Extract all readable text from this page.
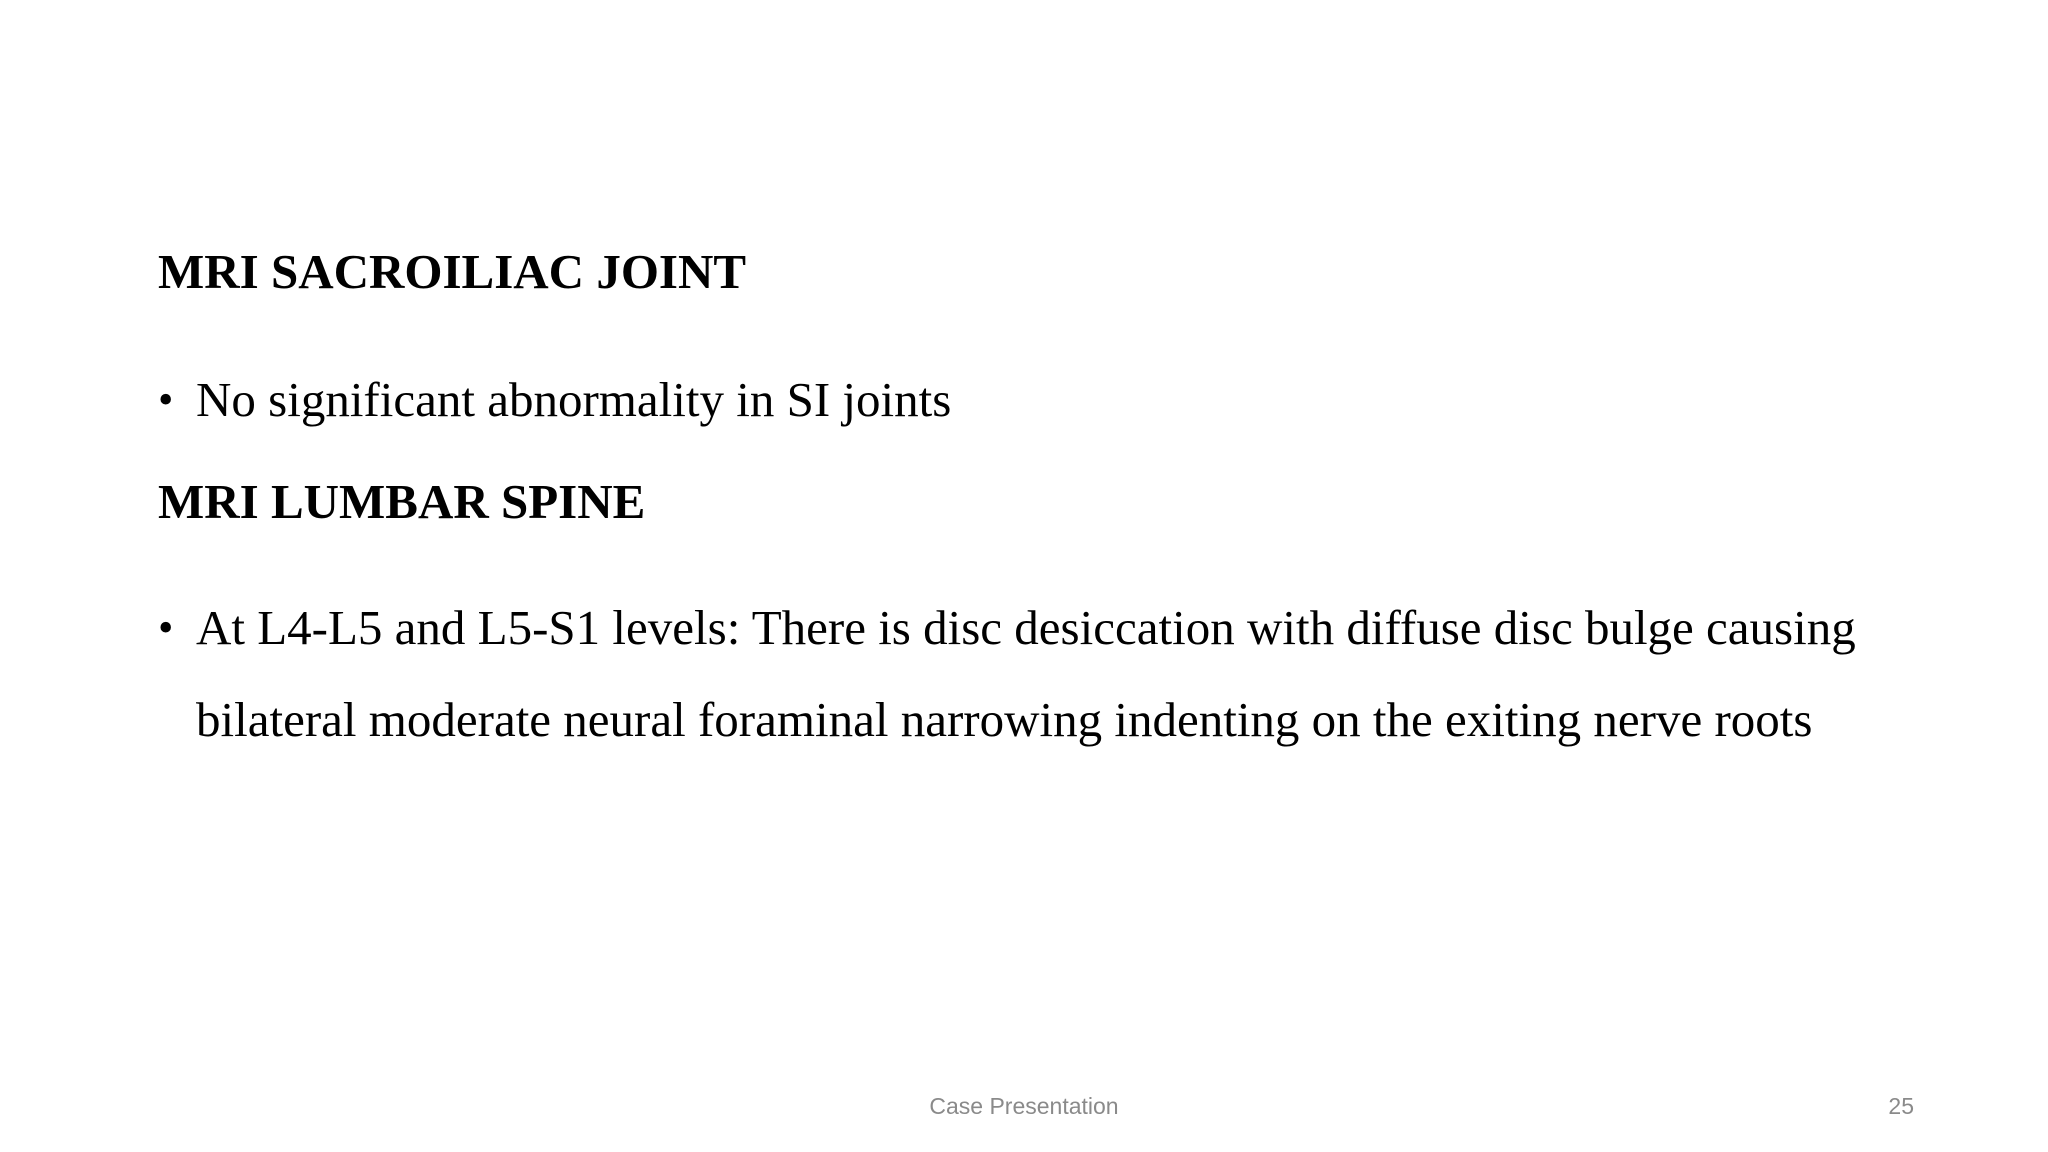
MRI SACROILIAC JOINT
• No significant abnormality in SI joints
MRI LUMBAR SPINE
• At L4-L5 and L5-S1 levels: There is disc desiccation with diffuse disc bulge causing bilateral moderate neural foraminal narrowing indenting on the exiting nerve roots
Case Presentation	25
